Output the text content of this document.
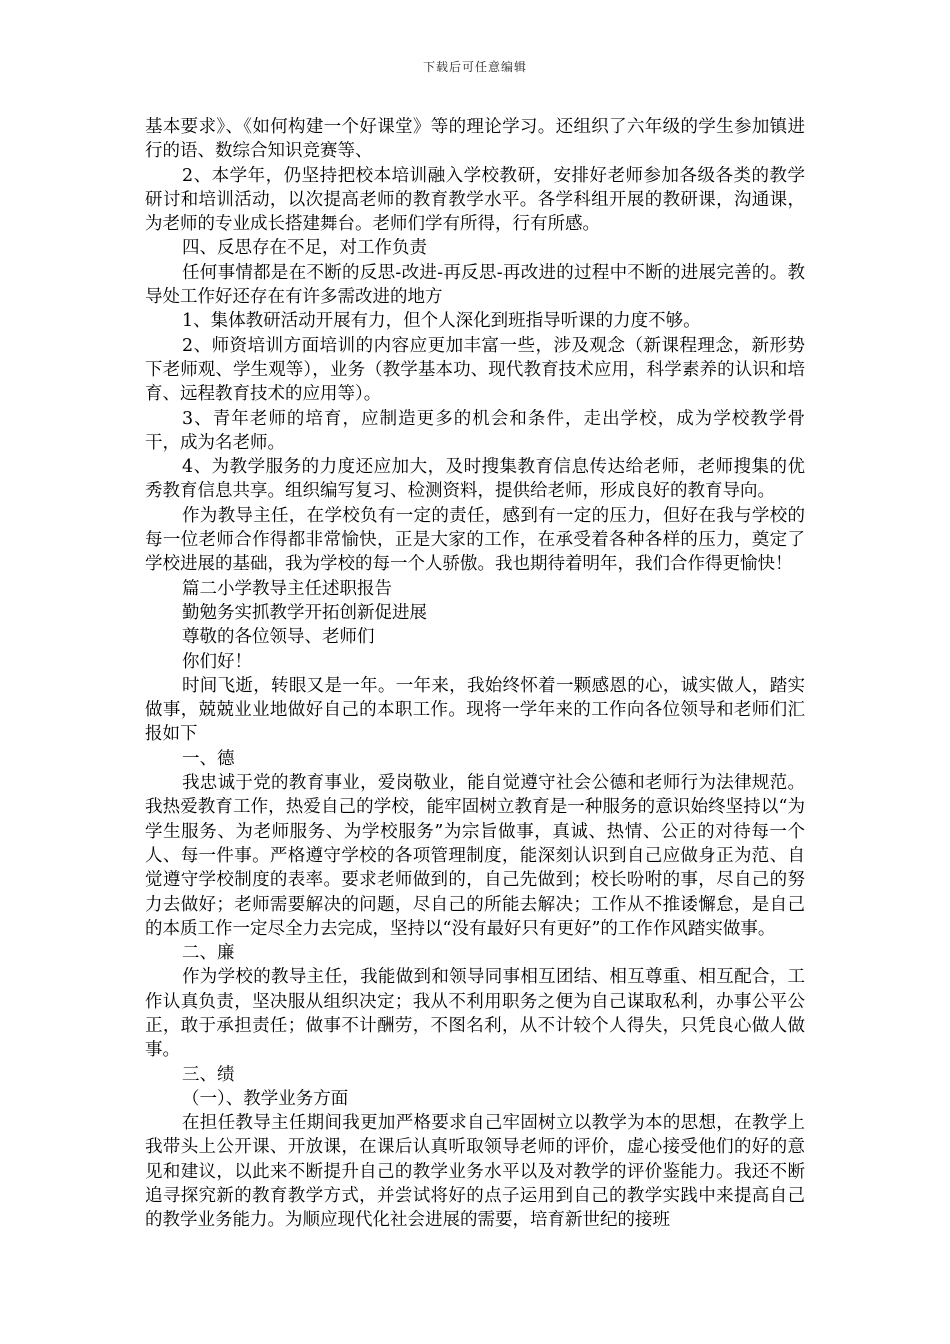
下载后可任意编辑

基本要求》、《如何构建一个好课堂》等的理论学习。还组织了六年级的学生参加镇进行的语、数综合知识竞赛等、

2、本学年，仍坚持把校本培训融入学校教研，安排好老师参加各级各类的教学研讨和培训活动，以次提高老师的教育教学水平。各学科组开展的教研课，沟通课，为老师的专业成长搭建舞台。老师们学有所得，行有所感。

四、反思存在不足，对工作负责

任何事情都是在不断的反思-改进-再反思-再改进的过程中不断的进展完善的。教导处工作好还存在有许多需改进的地方

1、集体教研活动开展有力，但个人深化到班指导听课的力度不够。

2、师资培训方面培训的内容应更加丰富一些，涉及观念（新课程理念，新形势下老师观、学生观等），业务（教学基本功、现代教育技术应用，科学素养的认识和培育、远程教育技术的应用等）。

3、青年老师的培育，应制造更多的机会和条件，走出学校，成为学校教学骨干，成为名老师。

4、为教学服务的力度还应加大，及时搜集教育信息传达给老师，老师搜集的优秀教育信息共享。组织编写复习、检测资料，提供给老师，形成良好的教育导向。

作为教导主任，在学校负有一定的责任，感到有一定的压力，但好在我与学校的每一位老师合作得都非常愉快，正是大家的工作，在承受着各种各样的压力，奠定了学校进展的基础，我为学校的每一个人骄傲。我也期待着明年，我们合作得更愉快！

篇二小学教导主任述职报告

勤勉务实抓教学开拓创新促进展

尊敬的各位领导、老师们

你们好！

时间飞逝，转眼又是一年。一年来，我始终怀着一颗感恩的心，诚实做人，踏实做事，兢兢业业地做好自己的本职工作。现将一学年来的工作向各位领导和老师们汇报如下

一、德

我忠诚于党的教育事业，爱岗敬业，能自觉遵守社会公德和老师行为法律规范。我热爱教育工作，热爱自己的学校，能牢固树立教育是一种服务的意识始终坚持以“为学生服务、为老师服务、为学校服务”为宗旨做事，真诚、热情、公正的对待每一个人、每一件事。严格遵守学校的各项管理制度，能深刻认识到自己应做身正为范、自觉遵守学校制度的表率。要求老师做到的，自己先做到；校长吩咐的事，尽自己的努力去做好；老师需要解决的问题，尽自己的所能去解决；工作从不推诿懈怠，是自己的本质工作一定尽全力去完成，坚持以“没有最好只有更好”的工作作风踏实做事。

二、廉

作为学校的教导主任，我能做到和领导同事相互团结、相互尊重、相互配合，工作认真负责，坚决服从组织决定；我从不利用职务之便为自己谋取私利，办事公平公正，敢于承担责任；做事不计酬劳，不图名利，从不计较个人得失，只凭良心做人做事。

三、绩

（一）、教学业务方面

在担任教导主任期间我更加严格要求自己牢固树立以教学为本的思想，在教学上我带头上公开课、开放课，在课后认真听取领导老师的评价，虚心接受他们的好的意见和建议，以此来不断提升自己的教学业务水平以及对教学的评价鉴能力。我还不断追寻探究新的教育教学方式，并尝试将好的点子运用到自己的教学实践中来提高自己的教学业务能力。为顺应现代化社会进展的需要，培育新世纪的接班
